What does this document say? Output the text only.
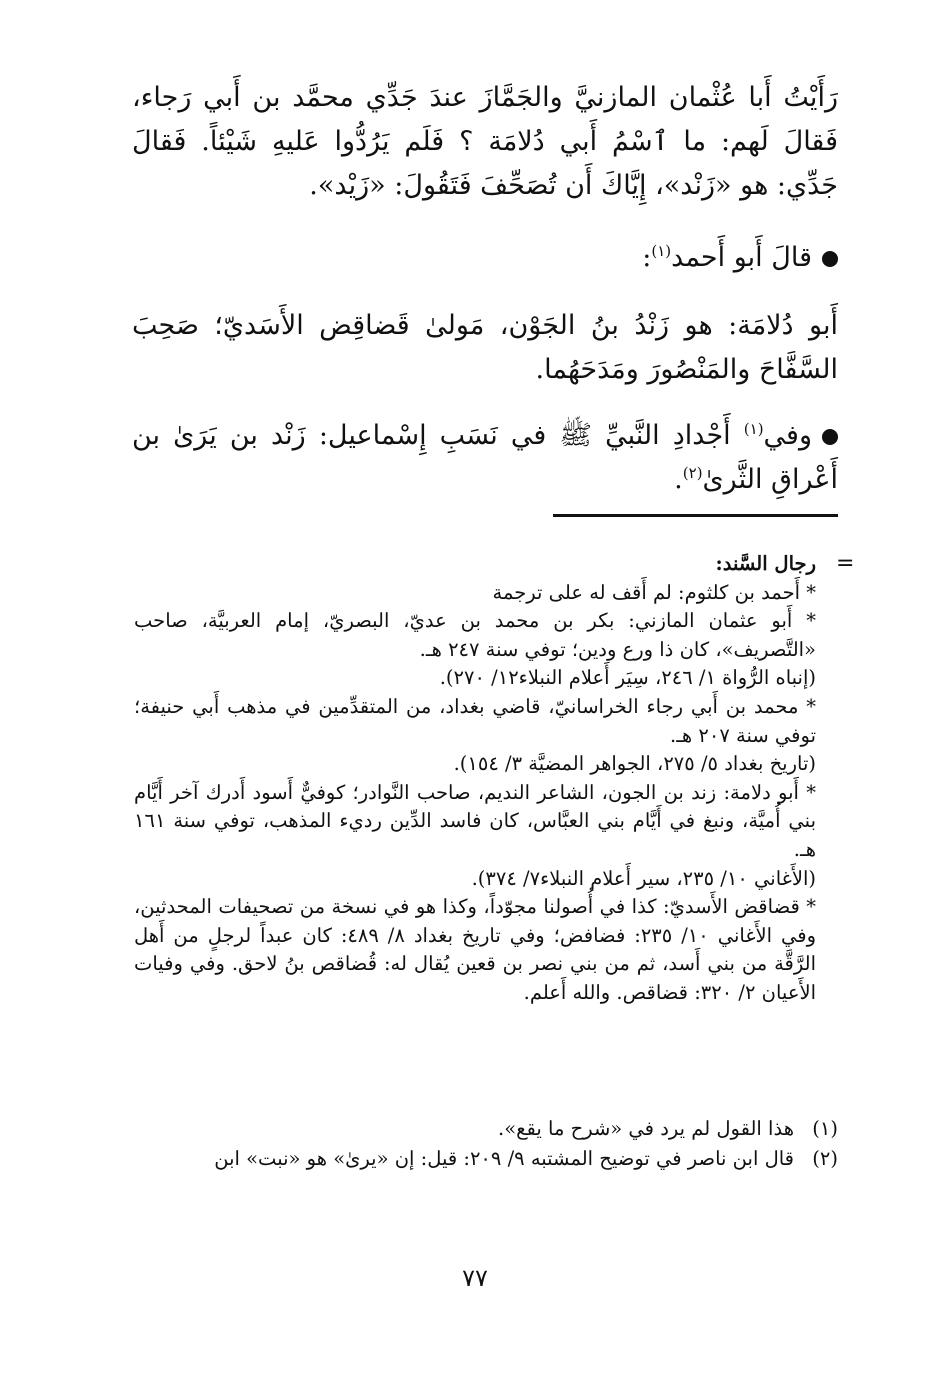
رَأَيْتُ أَبا عُثْمان المازنيَّ والجَمَّازَ عندَ جَدِّي محمَّد بن أَبي رَجاء، فَقالَ لَهم: ما ٱسْمُ أَبي دُلامَة ؟ فَلَم يَرُدُّوا عَليهِ شَيْئاً. فَقالَ جَدِّي: هو «زَنْد»، إِيَّاكَ أَن تُصَحِّفَ فَتَقُولَ: «زَيْد».

قالَ أَبو أَحمد$^{(١)}$:

أَبو دُلامَة: هو زَنْدُ بنُ الجَوْن، مَولىٰ قَضاقِض الأَسَديّ؛ صَحِبَ السَّفَّاحَ والمَنْصُورَ ومَدَحَهُما.

وفي$^{(١)}$ أَجْدادِ النَّبيِّ ﷺ في نَسَبِ إِسْماعيل: زَنْد بن يَرَىٰ بن أَعْراقِ الثَّرىٰ$^{(٢)}$.

=

رجال السَّند:

* أَحمد بن كلثوم: لم أَقف له على ترجمة

* أَبو عثمان المازني: بكر بن محمد بن عديّ، البصريّ، إمام العربيَّة، صاحب «التَّصريف»، كان ذا ورع ودين؛ توفي سنة ٢٤٧ هـ.

(إنباه الرُّواة ١/ ٢٤٦، سِيَر أَعلام النبلاء١٢/ ٢٧٠).

* محمد بن أَبي رجاء الخراسانيّ، قاضي بغداد، من المتقدِّمين في مذهب أَبي حنيفة؛ توفي سنة ٢٠٧ هـ.

(تاريخ بغداد ٥/ ٢٧٥، الجواهر المضيَّة ٣/ ١٥٤).

* أَبو دلامة: زند بن الجون، الشاعر النديم، صاحب النَّوادر؛ كوفيٌّ أَسود أَدرك آخر أَيَّام بني أُميَّة، ونبغ في أَيَّام بني العبَّاس، كان فاسد الدِّين رديء المذهب، توفي سنة ١٦١ هـ.

(الأَغاني ١٠/ ٢٣٥، سير أَعلام النبلاء٧/ ٣٧٤).

* قضاقض الأَسديّ: كذا في أُصولنا مجوّداً، وكذا هو في نسخة من تصحيفات المحدثين، وفي الأَغاني ١٠/ ٢٣٥: فضافض؛ وفي تاريخ بغداد ٨/ ٤٨٩: كان عبداً لرجلٍ من أَهل الرَّقَّة من بني أَسد، ثم من بني نصر بن قعين يُقال له: قُضاقص بنُ لاحق. وفي وفيات الأَعيان ٢/ ٣٢٠: قضاقص. والله أَعلم.

(١)
هذا القول لم يرد في «شرح ما يقع».
(٢)
قال ابن ناصر في توضيح المشتبه ٩/ ٢٠٩: قيل: إن «يرىٰ» هو «نبت» ابن
٧٧
